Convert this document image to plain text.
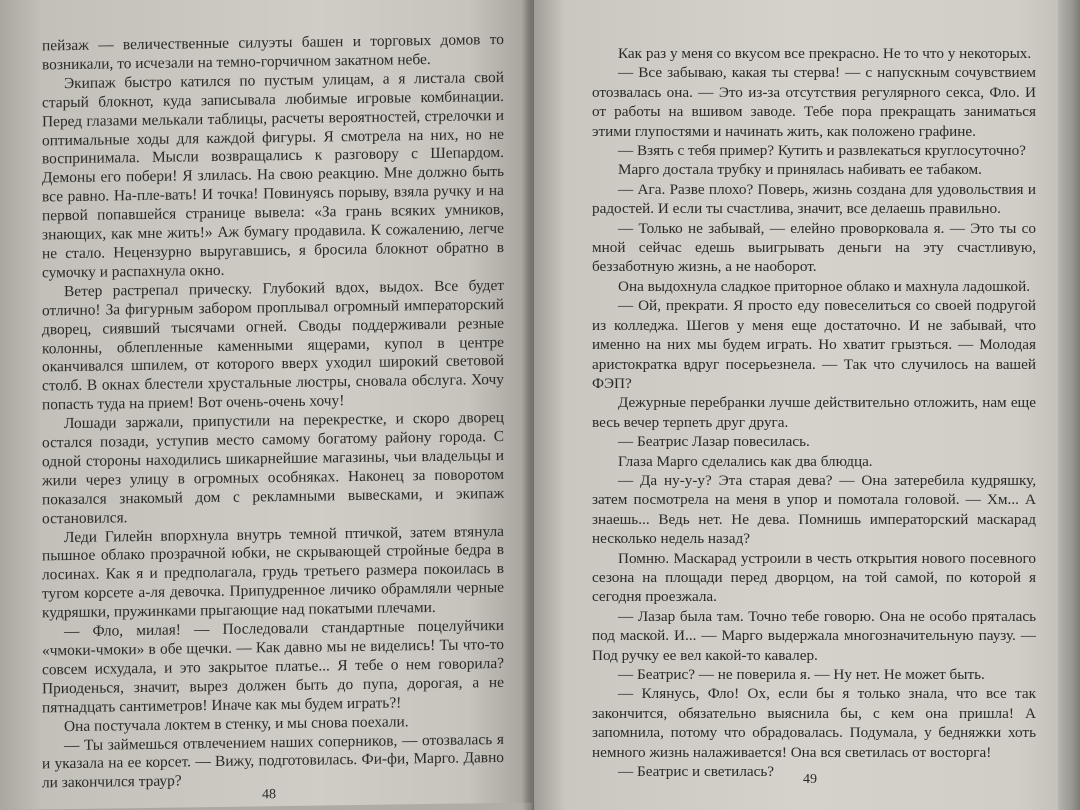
пейзаж — величественные силуэты башен и торговых домов то возникали, то исчезали на темно-горчичном закатном небе.

Экипаж быстро катился по пустым улицам, а я листала свой старый блокнот, куда записывала любимые игровые комбинации. Перед глазами мелькали таблицы, расчеты вероятностей, стрелочки и оптимальные ходы для каждой фигуры. Я смотрела на них, но не воспринимала. Мысли возвращались к разговору с Шепардом. Демоны его побери! Я злилась. На свою реакцию. Мне должно быть все равно. На-пле-вать! И точка! Повинуясь порыву, взяла ручку и на первой попавшейся странице вывела: «За грань всяких умников, знающих, как мне жить!» Аж бумагу продавила. К сожалению, легче не стало. Нецензурно выругавшись, я бросила блокнот обратно в сумочку и распахнула окно.

Ветер растрепал прическу. Глубокий вдох, выдох. Все будет отлично! За фигурным забором проплывал огромный императорский дворец, сиявший тысячами огней. Своды поддерживали резные колонны, облепленные каменными ящерами, купол в центре оканчивался шпилем, от которого вверх уходил широкий световой столб. В окнах блестели хрустальные люстры, сновала обслуга. Хочу попасть туда на прием! Вот очень-очень хочу!

Лошади заржали, припустили на перекрестке, и скоро дворец остался позади, уступив место самому богатому району города. С одной стороны находились шикарнейшие магазины, чьи владельцы и жили через улицу в огромных особняках. Наконец за поворотом показался знакомый дом с рекламными вывесками, и экипаж остановился.

Леди Гилейн впорхнула внутрь темной птичкой, затем втянула пышное облако прозрачной юбки, не скрывающей стройные бедра в лосинах. Как я и предполагала, грудь третьего размера покоилась в тугом корсете а-ля девочка. Припудренное личико обрамляли черные кудряшки, пружинками прыгающие над покатыми плечами.

— Фло, милая! — Последовали стандартные поцелуйчики «чмоки-чмоки» в обе щечки. — Как давно мы не виделись! Ты что-то совсем исхудала, и это закрытое платье... Я тебе о нем говорила? Приоденься, значит, вырез должен быть до пупа, дорогая, а не пятнадцать сантиметров! Иначе как мы будем играть?!

Она постучала локтем в стенку, и мы снова поехали.

— Ты займешься отвлечением наших соперников, — отозвалась я и указала на ее корсет. — Вижу, подготовилась. Фи-фи, Марго. Давно ли закончился траур?

48

Как раз у меня со вкусом все прекрасно. Не то что у некоторых.

— Все забываю, какая ты стерва! — с напускным сочувствием отозвалась она. — Это из-за отсутствия регулярного секса, Фло. И от работы на вшивом заводе. Тебе пора прекращать заниматься этими глупостями и начинать жить, как положено графине.

— Взять с тебя пример? Кутить и развлекаться круглосуточно?

Марго достала трубку и принялась набивать ее табаком.

— Ага. Разве плохо? Поверь, жизнь создана для удовольствия и радостей. И если ты счастлива, значит, все делаешь правильно.

— Только не забывай, — елейно проворковала я. — Это ты со мной сейчас едешь выигрывать деньги на эту счастливую, беззаботную жизнь, а не наоборот.

Она выдохнула сладкое приторное облако и махнула ладошкой.

— Ой, прекрати. Я просто еду повеселиться со своей подругой из колледжа. Шегов у меня еще достаточно. И не забывай, что именно на них мы будем играть. Но хватит грызться. — Молодая аристократка вдруг посерьезнела. — Так что случилось на вашей ФЭП?

Дежурные перебранки лучше действительно отложить, нам еще весь вечер терпеть друг друга.

— Беатрис Лазар повесилась.

Глаза Марго сделались как два блюдца.

— Да ну-у-у? Эта старая дева? — Она затеребила кудряшку, затем посмотрела на меня в упор и помотала головой. — Хм... А знаешь... Ведь нет. Не дева. Помнишь императорский маскарад несколько недель назад?

Помню. Маскарад устроили в честь открытия нового посевного сезона на площади перед дворцом, на той самой, по которой я сегодня проезжала.

— Лазар была там. Точно тебе говорю. Она не особо пряталась под маской. И... — Марго выдержала многозначительную паузу. — Под ручку ее вел какой-то кавалер.

— Беатрис? — не поверила я. — Ну нет. Не может быть.

— Клянусь, Фло! Ох, если бы я только знала, что все так закончится, обязательно выяснила бы, с кем она пришла! А запомнила, потому что обрадовалась. Подумала, у бедняжки хоть немного жизнь налаживается! Она вся светилась от восторга!

— Беатрис и светилась?	49
